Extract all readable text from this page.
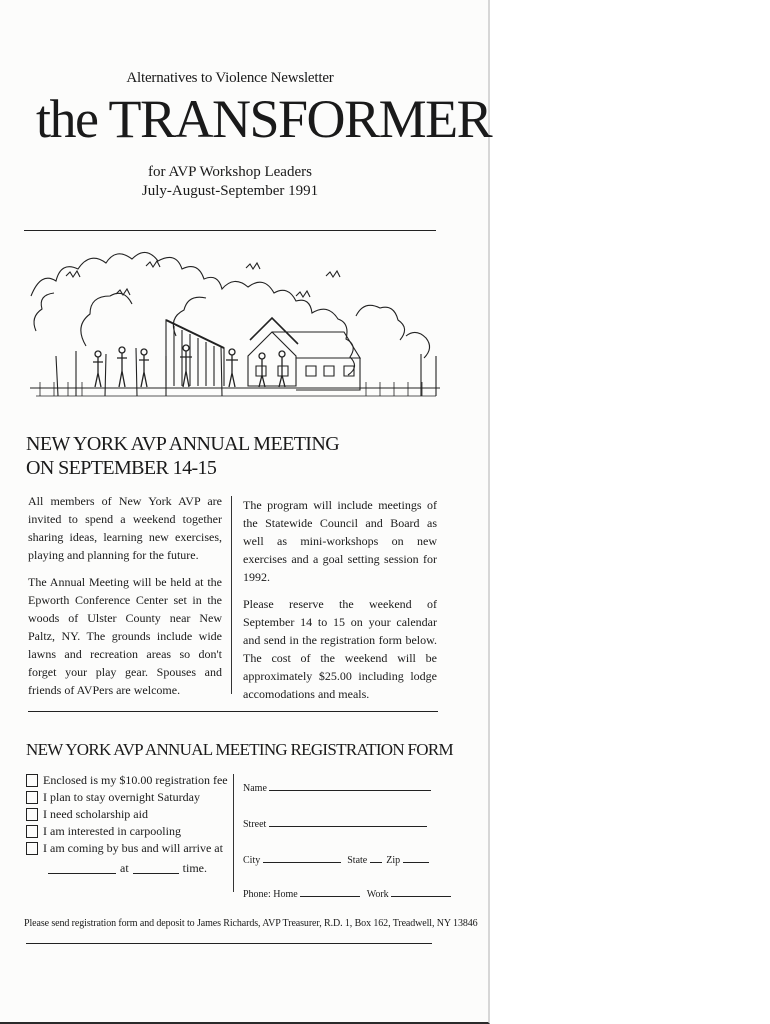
Alternatives to Violence Newsletter
the TRANSFORMER
for AVP Workshop Leaders
July-August-September 1991
NEW YORK AVP ANNUAL MEETING
ON SEPTEMBER 14-15

All members of New York AVP are invited to spend a weekend together sharing ideas, learning new exercises, playing and planning for the future.

The Annual Meeting will be held at the Epworth Conference Center set in the woods of Ulster County near New Paltz, NY. The grounds include wide lawns and recreation areas so don't forget your play gear. Spouses and friends of AVPers are welcome.

The program will include meetings of the Statewide Council and Board as well as mini-workshops on new exercises and a goal setting session for 1992.

Please reserve the weekend of September 14 to 15 on your calendar and send in the registration form below. The cost of the weekend will be approximately $25.00 including lodge accomodations and meals.

NEW YORK AVP ANNUAL MEETING REGISTRATION FORM
Enclosed is my $10.00 registration fee
I plan to stay overnight Saturday
I need scholarship aid
I am interested in carpooling
I am coming by bus and will arrive at
at	time.
Name
Street
City	State Zip
Phone: Home	Work
Please send registration form and deposit to James Richards, AVP Treasurer, R.D. 1, Box 162, Treadwell, NY 13846
